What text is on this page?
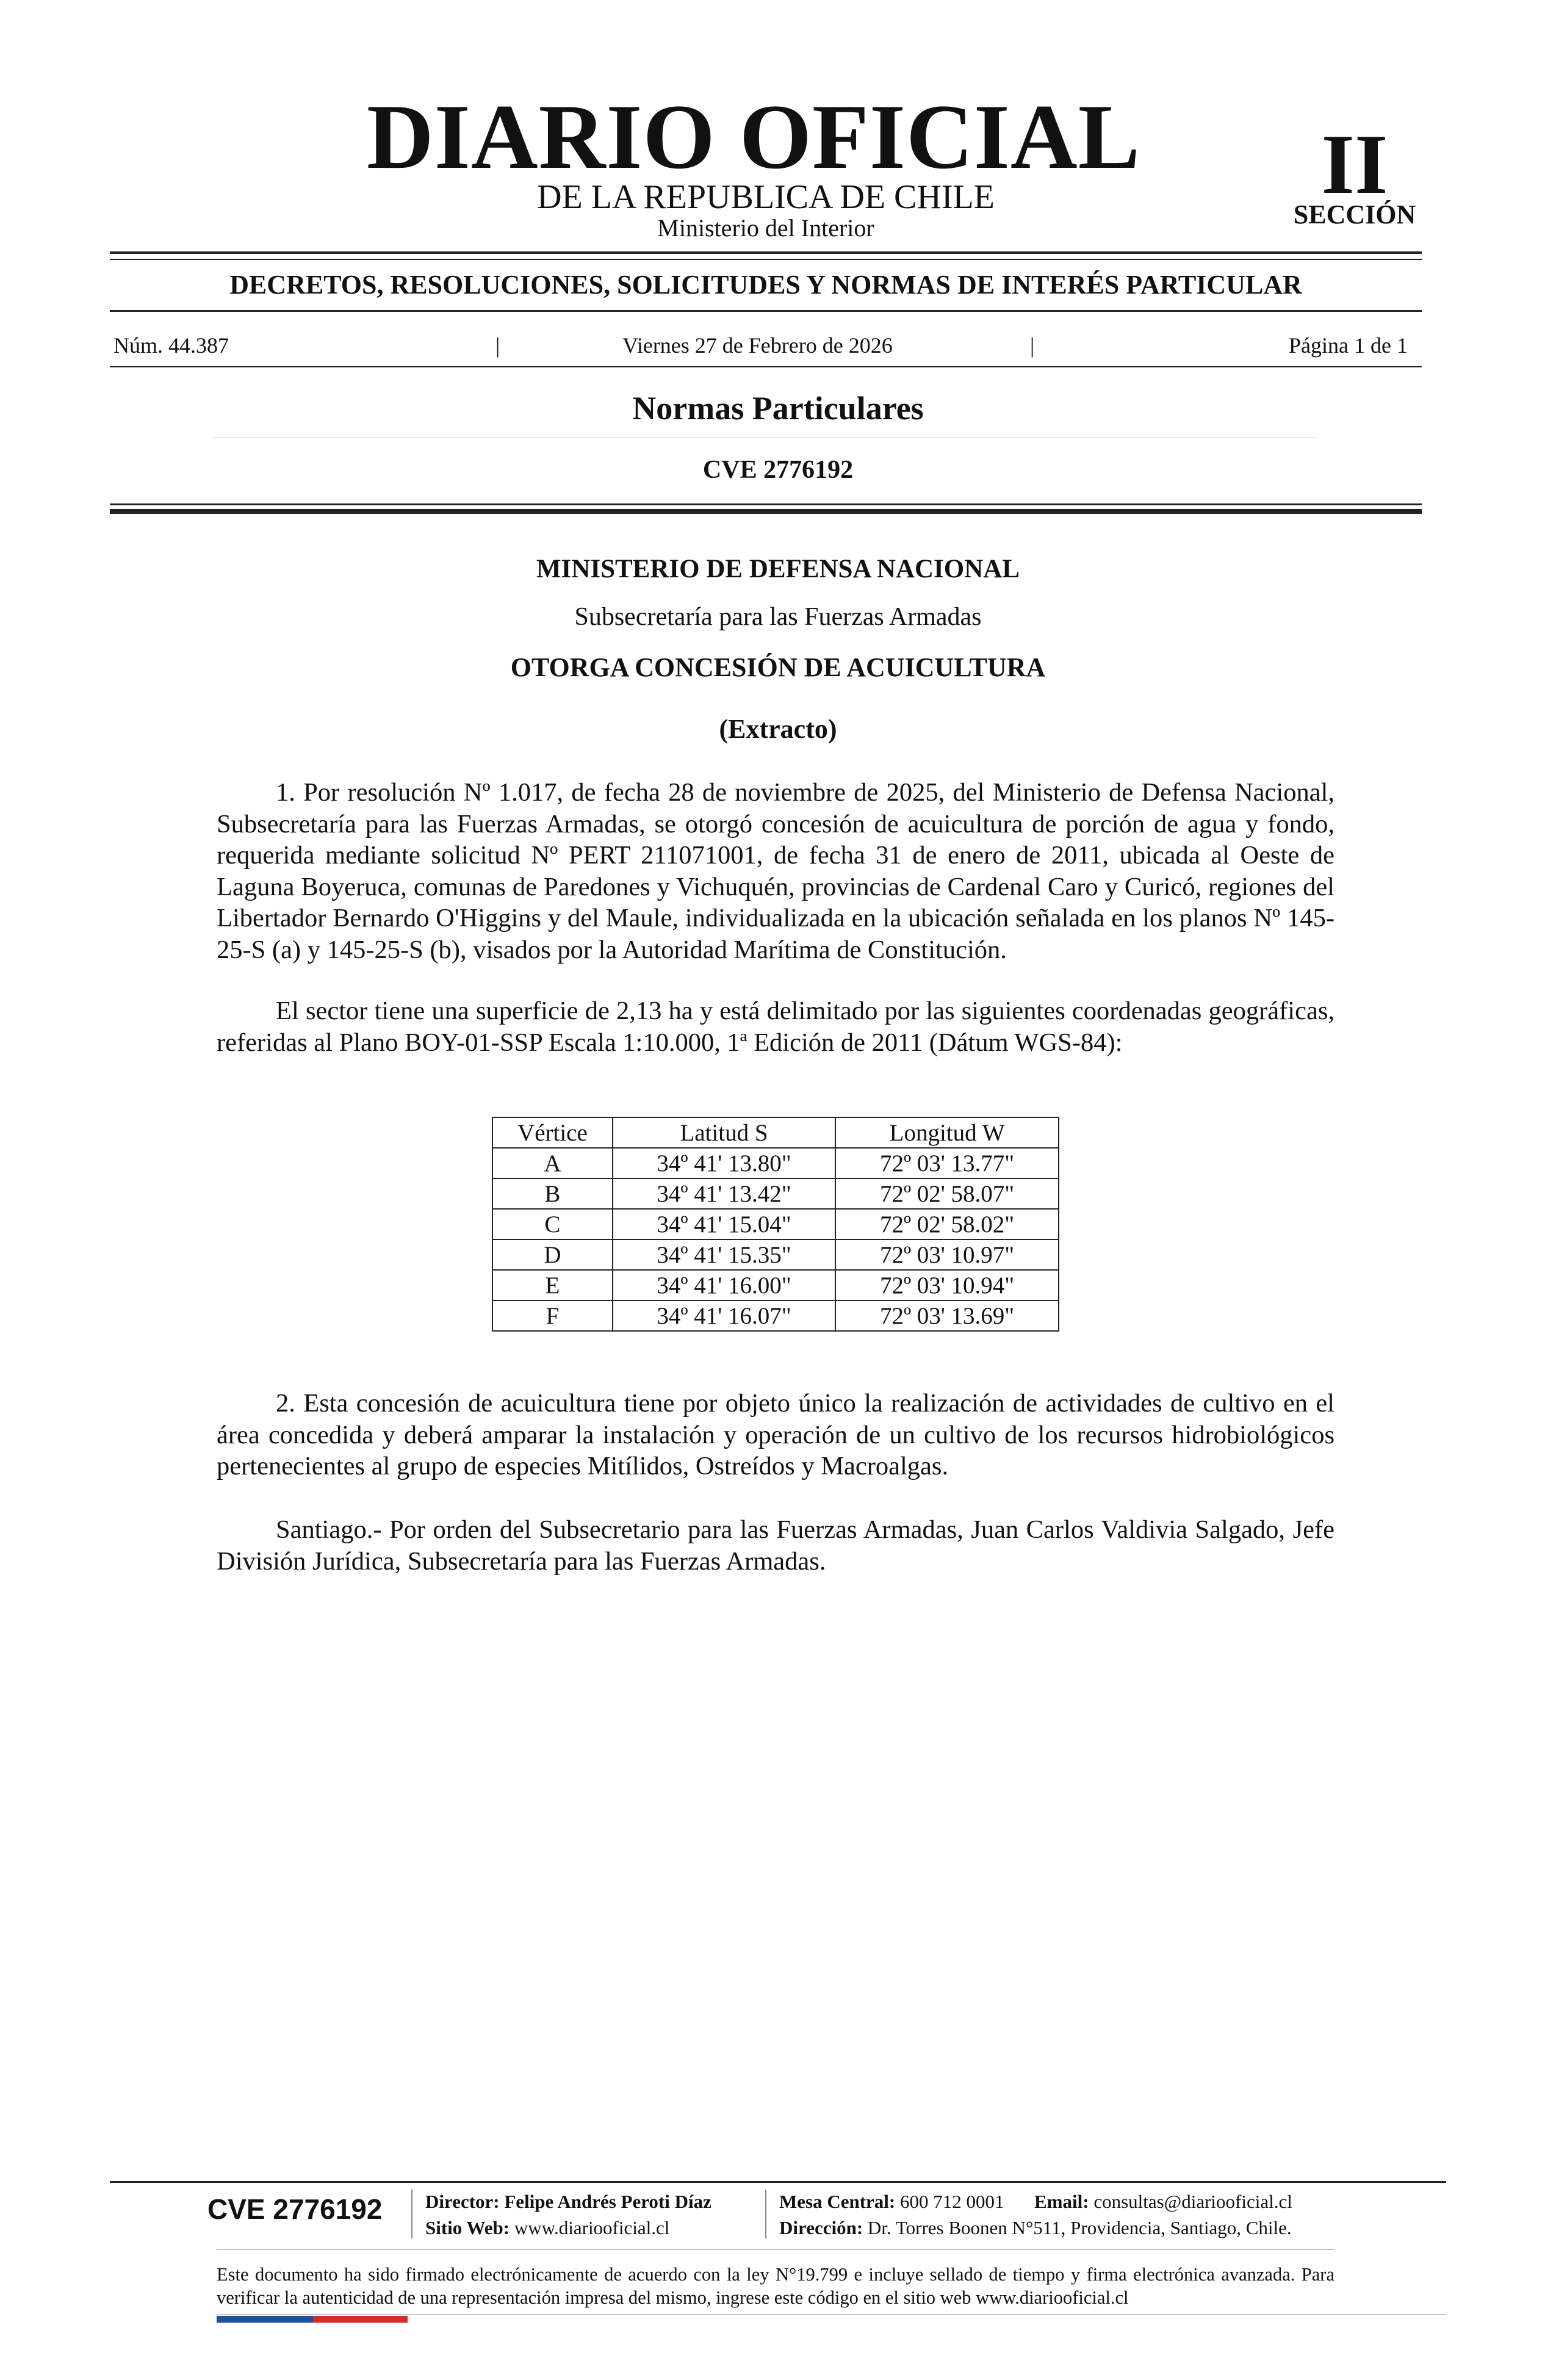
DIARIO OFICIAL
DE LA REPUBLICA DE CHILE
Ministerio del Interior
II
SECCIÓN
DECRETOS, RESOLUCIONES, SOLICITUDES Y NORMAS DE INTERÉS PARTICULAR
Núm. 44.387	|	Viernes 27 de Febrero de 2026	|	Página 1 de 1
Normas Particulares
CVE 2776192
MINISTERIO DE DEFENSA NACIONAL
Subsecretaría para las Fuerzas Armadas
OTORGA CONCESIÓN DE ACUICULTURA
(Extracto)

1. Por resolución Nº 1.017, de fecha 28 de noviembre de 2025, del Ministerio de Defensa Nacional, Subsecretaría para las Fuerzas Armadas, se otorgó concesión de acuicultura de porción de agua y fondo, requerida mediante solicitud Nº PERT 211071001, de fecha 31 de enero de 2011, ubicada al Oeste de Laguna Boyeruca, comunas de Paredones y Vichuquén, provincias de Cardenal Caro y Curicó, regiones del Libertador Bernardo O'Higgins y del Maule, individualizada en la ubicación señalada en los planos Nº 145-25-S (a) y 145-25-S (b), visados por la Autoridad Marítima de Constitución.

El sector tiene una superficie de 2,13 ha y está delimitado por las siguientes coordenadas geográficas, referidas al Plano BOY-01-SSP Escala 1:10.000, 1ª Edición de 2011 (Dátum WGS-84):

Vértice	Latitud S	Longitud W
A	34º 41' 13.80"	72º 03' 13.77"
B	34º 41' 13.42"	72º 02' 58.07"
C	34º 41' 15.04"	72º 02' 58.02"
D	34º 41' 15.35"	72º 03' 10.97"
E	34º 41' 16.00"	72º 03' 10.94"
F	34º 41' 16.07"	72º 03' 13.69"

2. Esta concesión de acuicultura tiene por objeto único la realización de actividades de cultivo en el área concedida y deberá amparar la instalación y operación de un cultivo de los recursos hidrobiológicos pertenecientes al grupo de especies Mitílidos, Ostreídos y Macroalgas.

Santiago.- Por orden del Subsecretario para las Fuerzas Armadas, Juan Carlos Valdivia Salgado, Jefe División Jurídica, Subsecretaría para las Fuerzas Armadas.

CVE 2776192 Director: Felipe Andrés Peroti Díaz
Sitio Web: www.diariooficial.cl
Mesa Central: 600 712 0001 Email: consultas@diariooficial.cl
Dirección: Dr. Torres Boonen N°511, Providencia, Santiago, Chile.
Este documento ha sido firmado electrónicamente de acuerdo con la ley N°19.799 e incluye sellado de tiempo y firma electrónica avanzada. Para verificar la autenticidad de una representación impresa del mismo, ingrese este código en el sitio web www.diariooficial.cl
